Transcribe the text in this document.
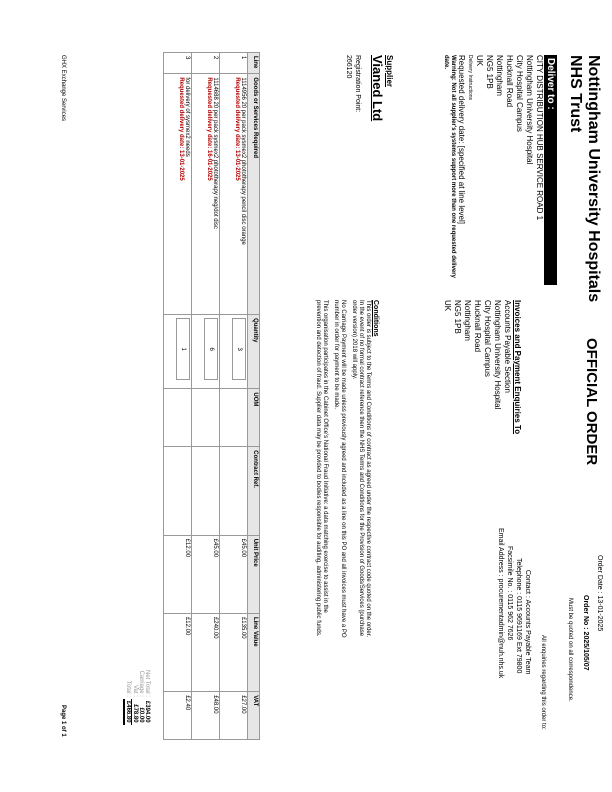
Nottingham University Hospitals
NHS Trust
OFFICIAL ORDER
Order Date : 13-01-2025
Order No : 2025/105/07
Must be quoted on all correspondence.
All enquiries regarding this order to:
Contact : Accounts Payable Team
Telephone : 0115 9691169 Ext 79800
Facsimile No. : 0115 962 7626
Email Address : procurementadmin@nuh.nhs.uk
Deliver to :
CITY DISTRIBUTION HUB SERVICE ROAD 1
Nottingham University Hospital
City Hospital Campus
Hucknall Road
Nottingham
NG5 1PB
UK
Delivery Instructions
Requested delivery date: [specified at line level]
Warning: Not all supplier's systems support more than one requested delivery date.
Invoices and Payment Enquiries To
Accounts Payable Section
Nottingham University Hospital
City Hospital Campus
Hucknall Road
Nottingham
NG5 1PB
UK
Supplier
Vianed Ltd
Registration Point:
266120
Conditions
This order is subject to the Terms and Conditions of contract as agreed under the respective contract code quoted on the order. In the event of no formal contract reference then the NHS Terms and Conditions for the Provision of Goods/Services (purchase order version) 2018 will apply.
No Carriage Payment will be made unless previously agreed and included as a line on this PO and all invoices must have a PO number in order for payment to be made.
This organisation participates in the Cabinet Office's National Fraud Initiative: a data matching exercise to assist in the prevention and detection of fraud. Supplier data may be provided to bodies responsible for auditing, administering public funds.
Line	Goods or Services Required	Quantity	UOM	Contract Ref.	Unit Price	Line Value	VAT
1	1114956 20 per pack sysmex2 phototherapy pencil disc orange
Requested delivery date: 13-01-2025	3			£45.00	£135.00	£27.00
2	1114688 20 per pack sysmex2 phototherapy neg/dot disc
Requested delivery date: 16-01-2025	6			£45.00	£240.00	£48.00
3	for delivery of sysmex2 needs
Requested delivery date: 13-01-2025	1			£12.00	£12.00	£2.40
Net Total :	£394.00
Carriage :	£0.00
Vat :	£78.80
Total :	£466.80
GHX Exchange Services
Page 1 of 1
